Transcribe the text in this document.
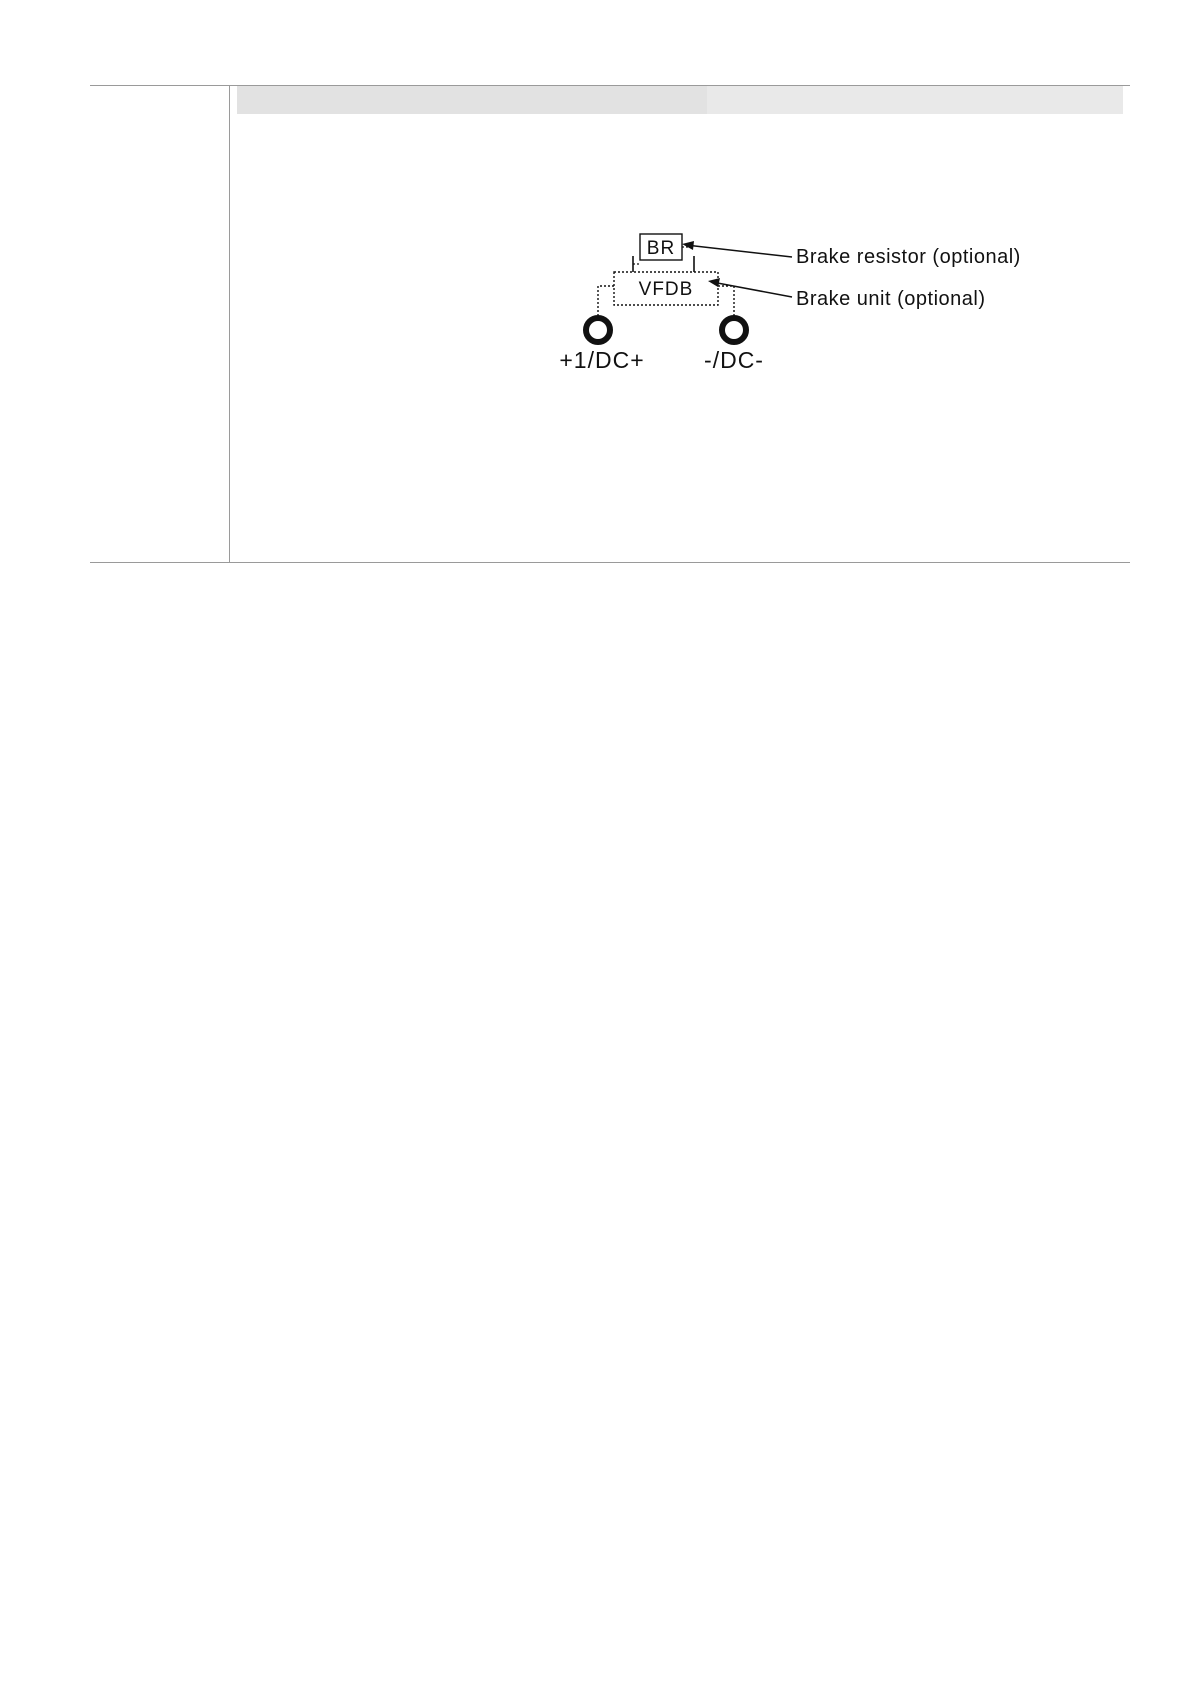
BR
VFDB
+1/DC+	-/DC-
Brake resistor (optional)
Brake unit (optional)
